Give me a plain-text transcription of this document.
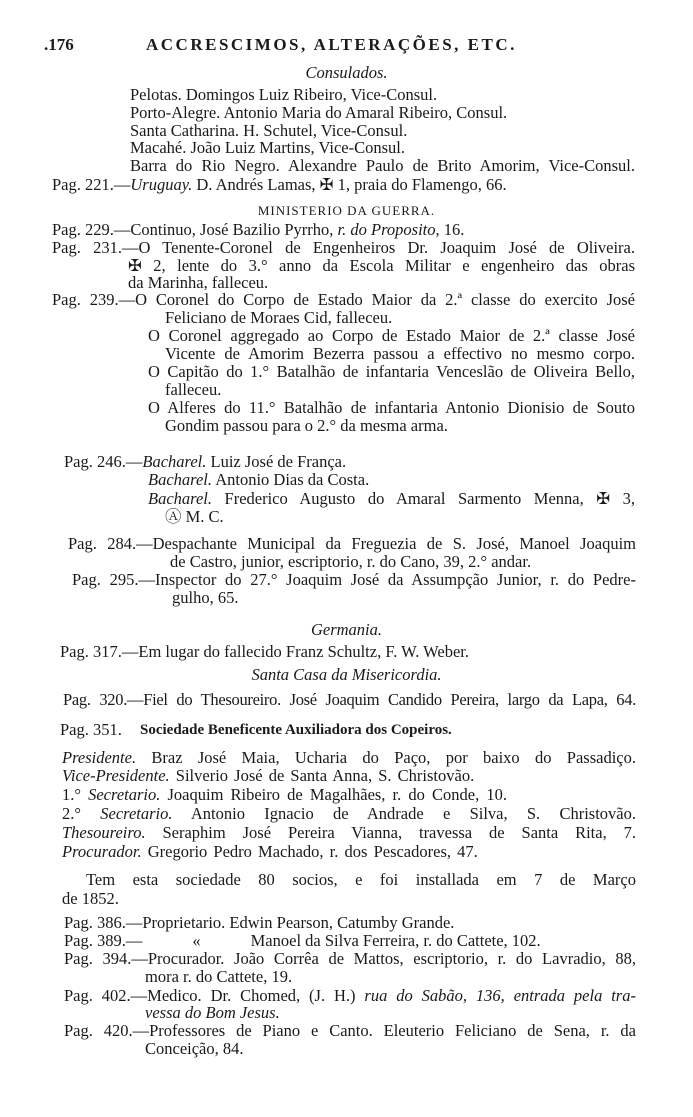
.176	ACCRESCIMOS, ALTERAÇÕES, ETC.
Consulados.
Pelotas. Domingos Luiz Ribeiro, Vice-Consul.
Porto-Alegre. Antonio Maria do Amaral Ribeiro, Consul.
Santa Catharina. H. Schutel, Vice-Consul.
Macahé. João Luiz Martins, Vice-Consul.
Barra do Rio Negro. Alexandre Paulo de Brito Amorim, Vice-Consul.
Pag. 221.—Uruguay. D. Andrés Lamas, ✠ 1, praia do Flamengo, 66.
MINISTERIO DA GUERRA.
Pag. 229.—Continuo, José Bazilio Pyrrho, r. do Proposito, 16.
Pag. 231.—O Tenente-Coronel de Engenheiros Dr. Joaquim José de Oliveira.
✠ 2, lente do 3.° anno da Escola Militar e engenheiro das obras
da Marinha, falleceu.
Pag. 239.—O Coronel do Corpo de Estado Maior da 2.ª classe do exercito José
Feliciano de Moraes Cid, falleceu.
O Coronel aggregado ao Corpo de Estado Maior de 2.ª classe José
Vicente de Amorim Bezerra passou a effectivo no mesmo corpo.
O Capitão do 1.° Batalhão de infantaria Venceslão de Oliveira Bello,
falleceu.
O Alferes do 11.° Batalhão de infantaria Antonio Dionisio de Souto
Gondim passou para o 2.° da mesma arma.
Pag. 246.—Bacharel. Luiz José de França.
Bacharel. Antonio Dias da Costa.
Bacharel. Frederico Augusto do Amaral Sarmento Menna, ✠ 3,
Ⓐ M. C.
Pag. 284.—Despachante Municipal da Freguezia de S. José, Manoel Joaquim
de Castro, junior, escriptorio, r. do Cano, 39, 2.° andar.
Pag. 295.—Inspector do 27.° Joaquim José da Assumpção Junior, r. do Pedre-
gulho, 65.
Germania.
Pag. 317.—Em lugar do fallecido Franz Schultz, F. W. Weber.
Santa Casa da Misericordia.
Pag. 320.—Fiel do Thesoureiro. José Joaquim Candido Pereira, largo da Lapa, 64.
Pag. 351. Sociedade Beneficente Auxiliadora dos Copeiros.
Presidente. Braz José Maia, Ucharia do Paço, por baixo do Passadiço.
Vice-Presidente. Silverio José de Santa Anna, S. Christovão.
1.° Secretario. Joaquim Ribeiro de Magalhães, r. do Conde, 10.
2.° Secretario. Antonio Ignacio de Andrade e Silva, S. Christovão.
Thesoureiro. Seraphim José Pereira Vianna, travessa de Santa Rita, 7.
Procurador. Gregorio Pedro Machado, r. dos Pescadores, 47.
Tem esta sociedade 80 socios, e foi installada em 7 de Março
de 1852.
Pag. 386.—Proprietario. Edwin Pearson, Catumby Grande.
Pag. 389.—	«	Manoel da Silva Ferreira, r. do Cattete, 102.
Pag. 394.—Procurador. João Corrêa de Mattos, escriptorio, r. do Lavradio, 88,
mora r. do Cattete, 19.
Pag. 402.—Medico. Dr. Chomed, (J. H.) rua do Sabão, 136, entrada pela tra-
vessa do Bom Jesus.
Pag. 420.—Professores de Piano e Canto. Eleuterio Feliciano de Sena, r. da
Conceição, 84.
